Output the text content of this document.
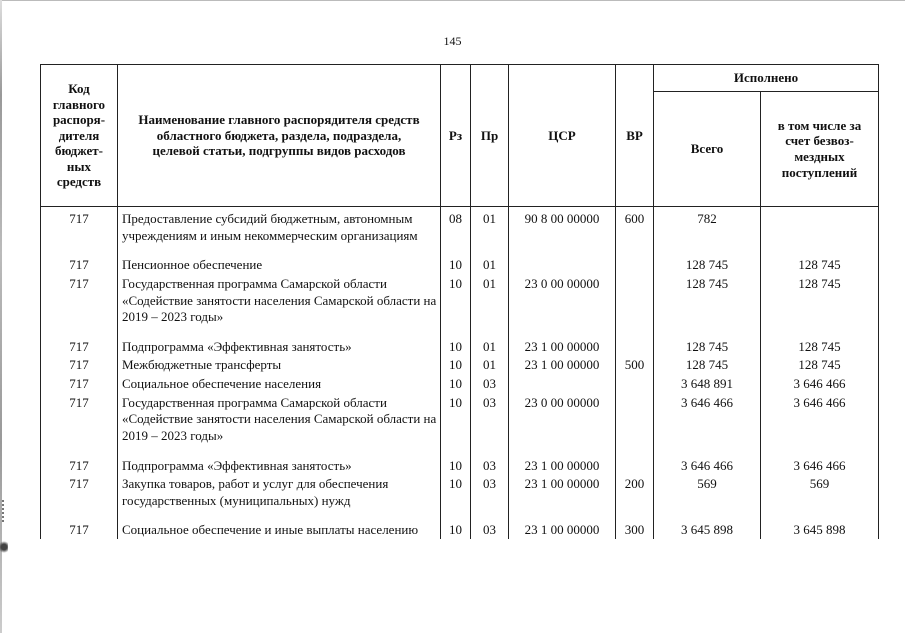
145
Код главного распоря-дителя бюджет-ных средств	Наименование главного распорядителя средств областного бюджета, раздела, подраздела, целевой статьи, подгруппы видов расходов	Рз	Пр	ЦСР	ВР	Исполнено	
						Всего	в том числе за счет безвоз-мездных поступлений
717	Предоставление субсидий бюджетным, автономным учреждениям и иным некоммерческим организациям	08	01	90 8 00 00000	600	782	
717	Пенсионное обеспечение	10	01			128 745	128 745
717	Государственная программа Самарской области «Содействие занятости населения Самарской области на 2019 – 2023 годы»	10	01	23 0 00 00000		128 745	128 745
717	Подпрограмма «Эффективная занятость»	10	01	23 1 00 00000		128 745	128 745
717	Межбюджетные трансферты	10	01	23 1 00 00000	500	128 745	128 745
717	Социальное обеспечение населения	10	03			3 648 891	3 646 466
717	Государственная программа Самарской области «Содействие занятости населения Самарской области на 2019 – 2023 годы»	10	03	23 0 00 00000		3 646 466	3 646 466
717	Подпрограмма «Эффективная занятость»	10	03	23 1 00 00000		3 646 466	3 646 466
717	Закупка товаров, работ и услуг для обеспечения государственных (муниципальных) нужд	10	03	23 1 00 00000	200	569	569
717	Социальное обеспечение и иные выплаты населению	10	03	23 1 00 00000	300	3 645 898	3 645 898
